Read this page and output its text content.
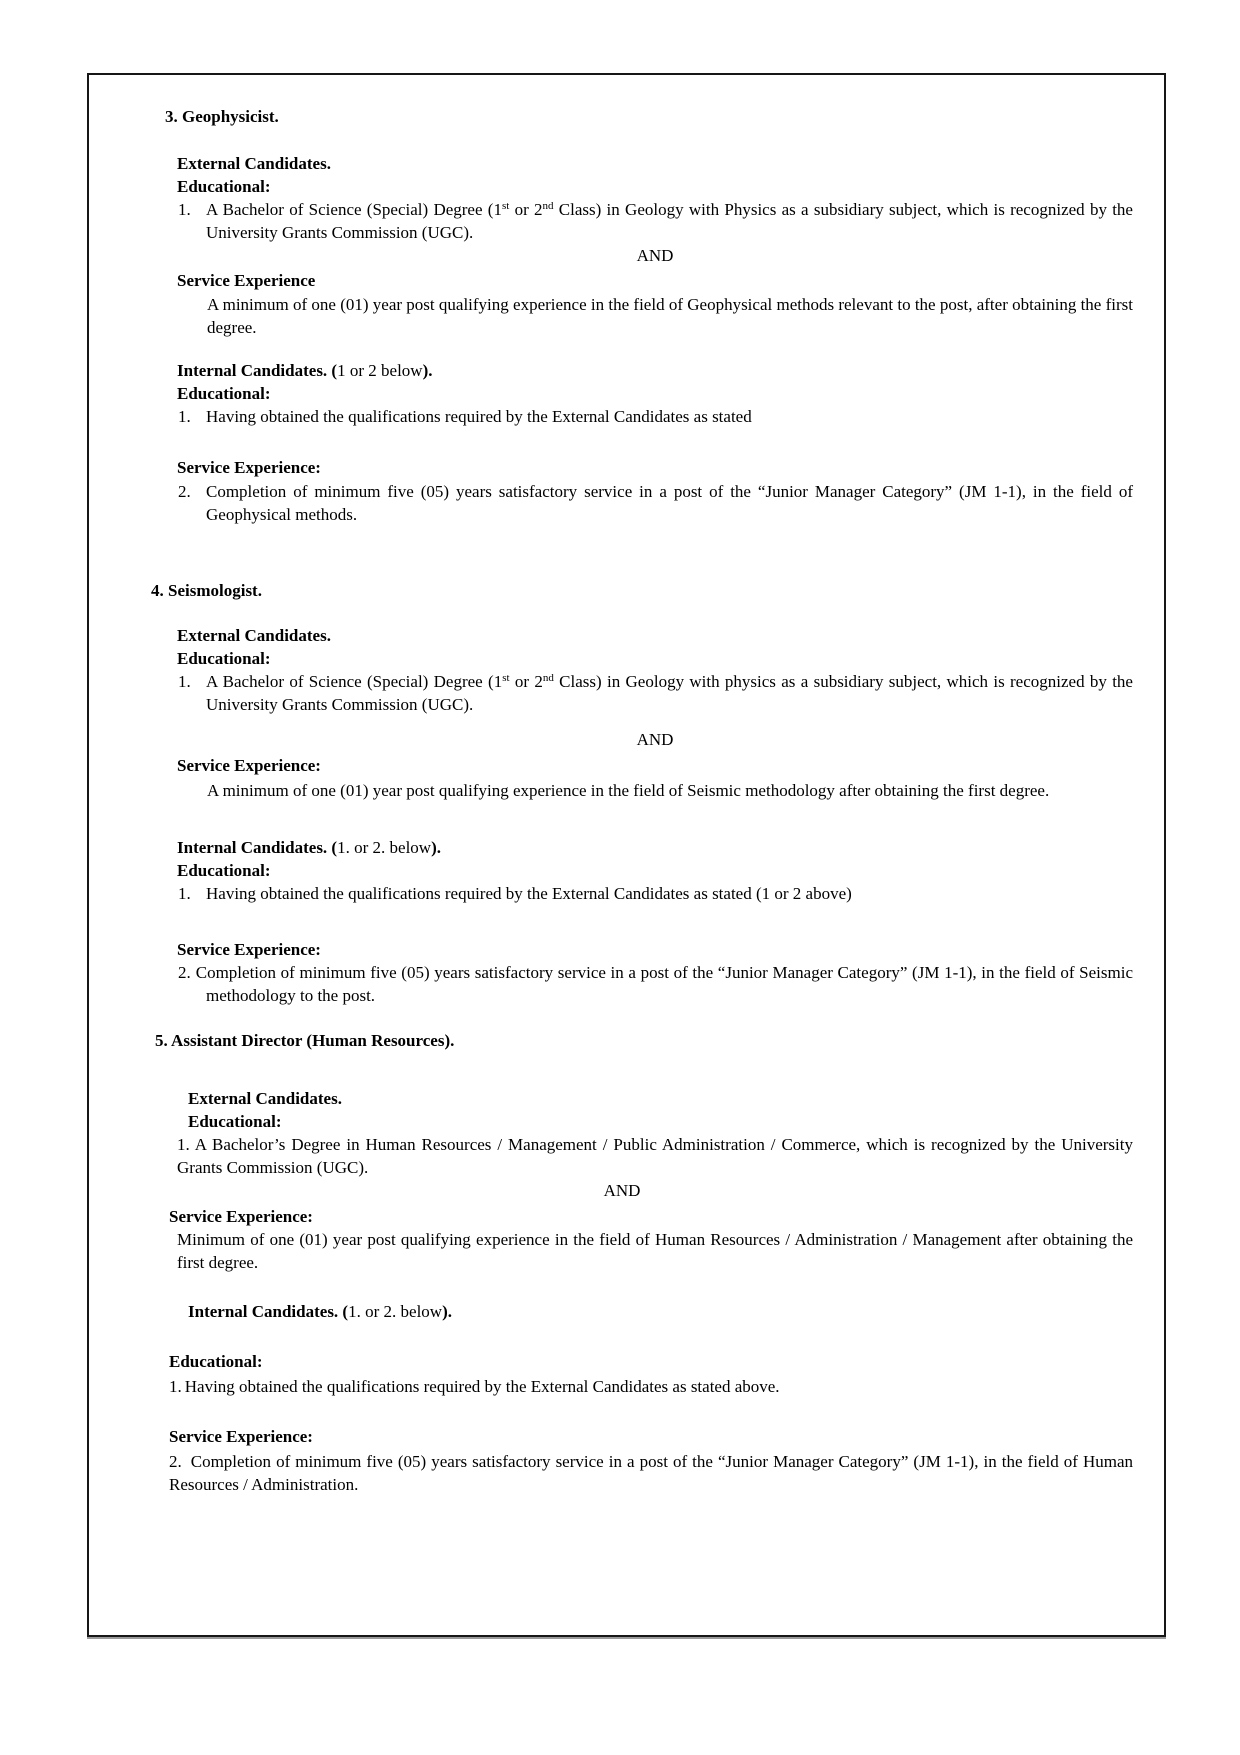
3. Geophysicist.

External Candidates.

Educational:

1. A Bachelor of Science (Special) Degree (1st or 2nd Class) in Geology with Physics as a subsidiary subject, which is recognized by the University Grants Commission (UGC).

AND

Service Experience

A minimum of one (01) year post qualifying experience in the field of Geophysical methods relevant to the post, after obtaining the first degree.

Internal Candidates. (1 or 2 below).

Educational:

1. Having obtained the qualifications required by the External Candidates as stated

Service Experience:

2. Completion of minimum five (05) years satisfactory service in a post of the “Junior Manager Category” (JM 1-1), in the field of Geophysical methods.

4. Seismologist.

External Candidates.

Educational:

1. A Bachelor of Science (Special) Degree (1st or 2nd Class) in Geology with physics as a subsidiary subject, which is recognized by the University Grants Commission (UGC).

AND

Service Experience:

A minimum of one (01) year post qualifying experience in the field of Seismic methodology after obtaining the first degree.

Internal Candidates. (1. or 2. below).

Educational:

1. Having obtained the qualifications required by the External Candidates as stated (1 or 2 above)

Service Experience:

2. Completion of minimum five (05) years satisfactory service in a post of the “Junior Manager Category” (JM 1-1), in the field of Seismic methodology to the post.

5. Assistant Director (Human Resources).

External Candidates.

Educational:

1. A Bachelor’s Degree in Human Resources / Management / Public Administration / Commerce, which is recognized by the University Grants Commission (UGC).

AND

Service Experience:

Minimum of one (01) year post qualifying experience in the field of Human Resources / Administration / Management after obtaining the first degree.

Internal Candidates. (1. or 2. below).

Educational:

1. Having obtained the qualifications required by the External Candidates as stated above.

Service Experience:

2. Completion of minimum five (05) years satisfactory service in a post of the “Junior Manager Category” (JM 1-1), in the field of Human Resources / Administration.
